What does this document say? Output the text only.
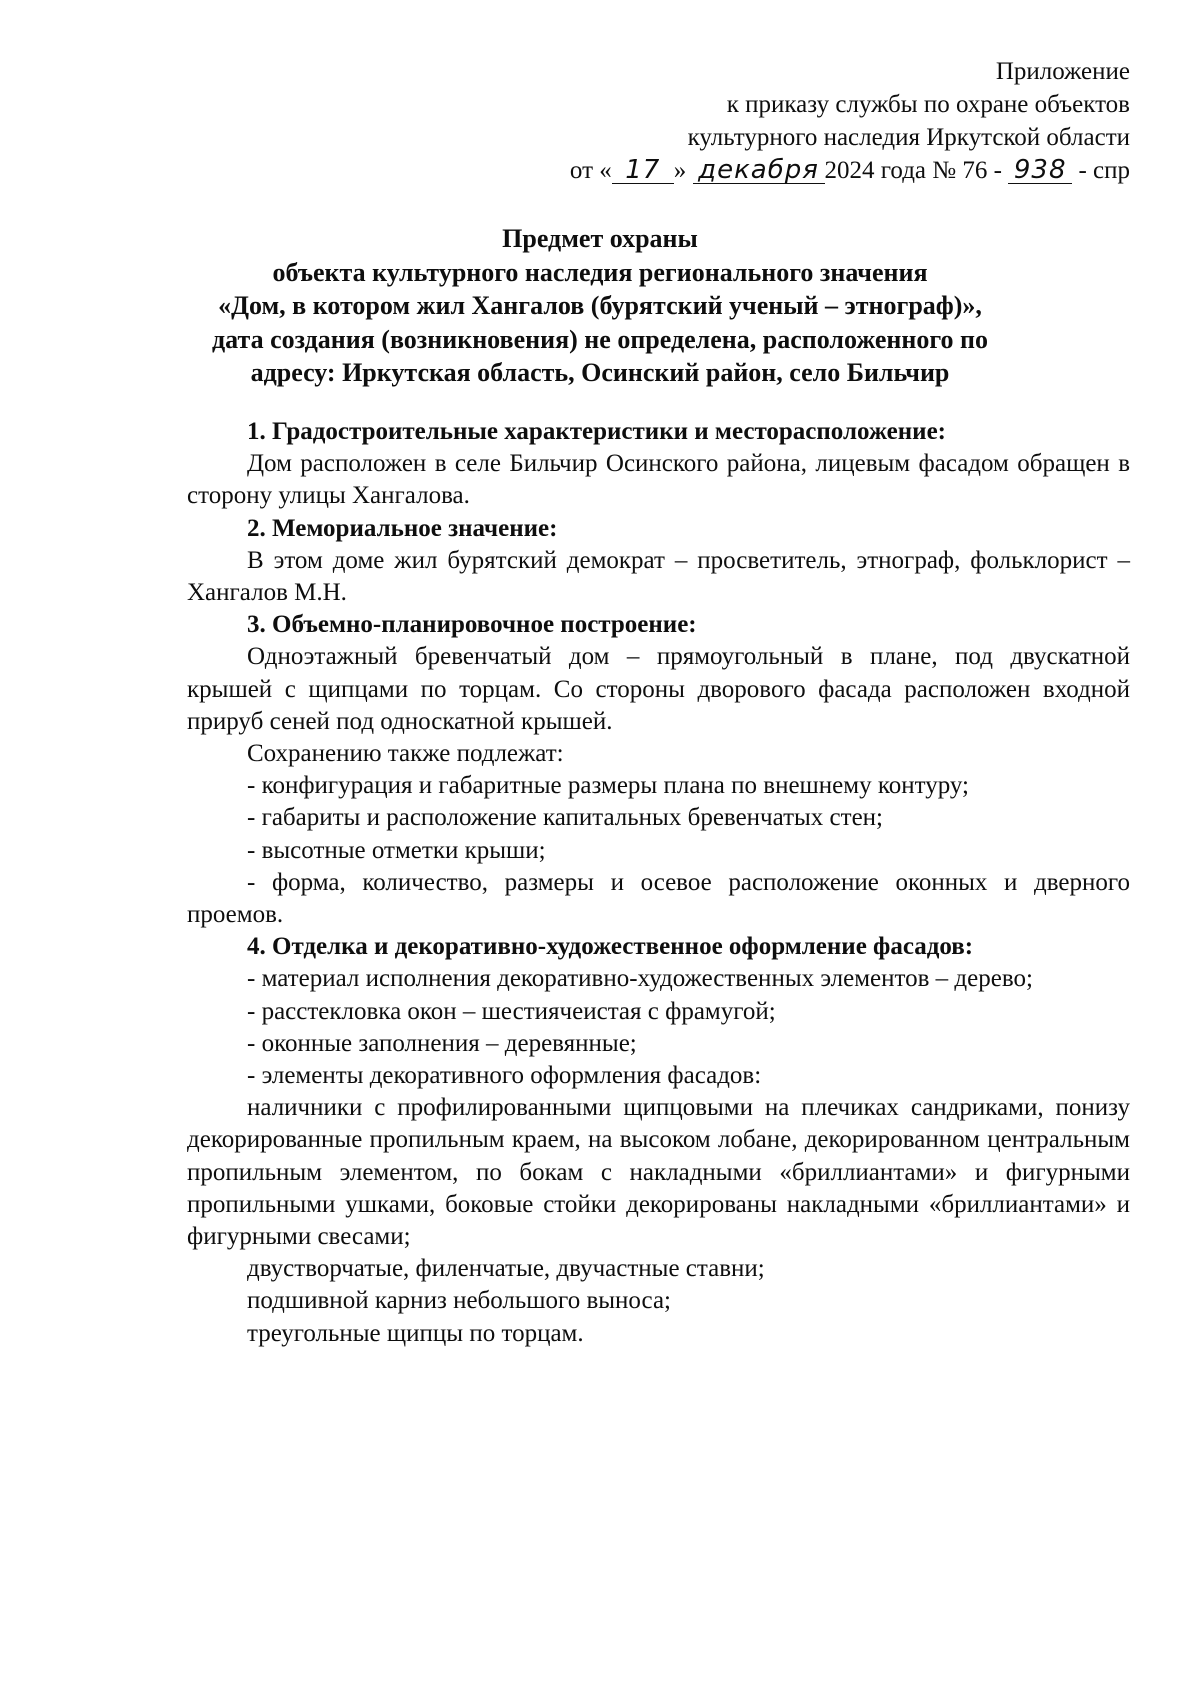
Приложение
к приказу службы по охране объектов
культурного наследия Иркутской области
от « 17 » декабря 2024 года № 76 - 938 - спр
Предмет охраны
объекта культурного наследия регионального значения
«Дом, в котором жил Хангалов (бурятский ученый – этнограф)»,
дата создания (возникновения) не определена, расположенного по
адресу: Иркутская область, Осинский район, село Бильчир

1. Градостроительные характеристики и месторасположение:

Дом расположен в селе Бильчир Осинского района, лицевым фасадом обращен в сторону улицы Хангалова.

2. Мемориальное значение:

В этом доме жил бурятский демократ – просветитель, этнограф, фольклорист – Хангалов М.Н.

3. Объемно-планировочное построение:

Одноэтажный бревенчатый дом – прямоугольный в плане, под двускатной крышей с щипцами по торцам. Со стороны дворового фасада расположен входной прируб сеней под односкатной крышей.

Сохранению также подлежат:

- конфигурация и габаритные размеры плана по внешнему контуру;

- габариты и расположение капитальных бревенчатых стен;

- высотные отметки крыши;

- форма, количество, размеры и осевое расположение оконных и дверного проемов.

4. Отделка и декоративно-художественное оформление фасадов:

- материал исполнения декоративно-художественных элементов – дерево;

- расстекловка окон – шестиячеистая с фрамугой;

- оконные заполнения – деревянные;

- элементы декоративного оформления фасадов:

наличники с профилированными щипцовыми на плечиках сандриками, понизу декорированные пропильным краем, на высоком лобане, декорированном центральным пропильным элементом, по бокам с накладными «бриллиантами» и фигурными пропильными ушками, боковые стойки декорированы накладными «бриллиантами» и фигурными свесами;

двустворчатые, филенчатые, двучастные ставни;

подшивной карниз небольшого выноса;

треугольные щипцы по торцам.
